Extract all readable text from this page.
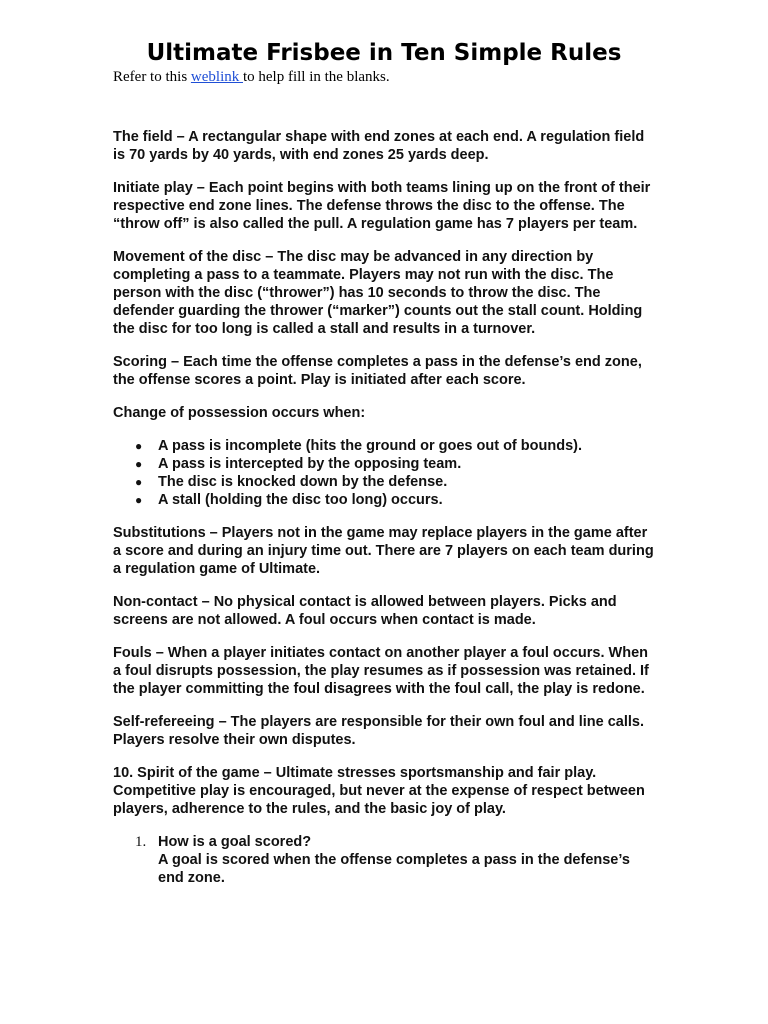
Ultimate Frisbee in Ten Simple Rules

Refer to this weblink to help fill in the blanks.

The field – A rectangular shape with end zones at each end. A regulation field is 70 yards by 40 yards, with end zones 25 yards deep.

Initiate play – Each point begins with both teams lining up on the front of their respective end zone lines. The defense throws the disc to the offense. The “throw off” is also called the pull. A regulation game has 7 players per team.

Movement of the disc – The disc may be advanced in any direction by completing a pass to a teammate. Players may not run with the disc. The person with the disc (“thrower”) has 10 seconds to throw the disc. The defender guarding the thrower (“marker”) counts out the stall count. Holding the disc for too long is called a stall and results in a turnover.

Scoring – Each time the offense completes a pass in the defense’s end zone, the offense scores a point. Play is initiated after each score.

Change of possession occurs when:

● A pass is incomplete (hits the ground or goes out of bounds).
● A pass is intercepted by the opposing team.
● The disc is knocked down by the defense.
● A stall (holding the disc too long) occurs.

Substitutions – Players not in the game may replace players in the game after a score and during an injury time out. There are 7 players on each team during a regulation game of Ultimate.

Non-contact – No physical contact is allowed between players. Picks and screens are not allowed. A foul occurs when contact is made.

Fouls – When a player initiates contact on another player a foul occurs. When a foul disrupts possession, the play resumes as if possession was retained. If the player committing the foul disagrees with the foul call, the play is redone.

Self-refereeing – The players are responsible for their own foul and line calls. Players resolve their own disputes.

10. Spirit of the game – Ultimate stresses sportsmanship and fair play. Competitive play is encouraged, but never at the expense of respect between players, adherence to the rules, and the basic joy of play.

1. How is a goal scored?
A goal is scored when the offense completes a pass in the defense’s end zone.
